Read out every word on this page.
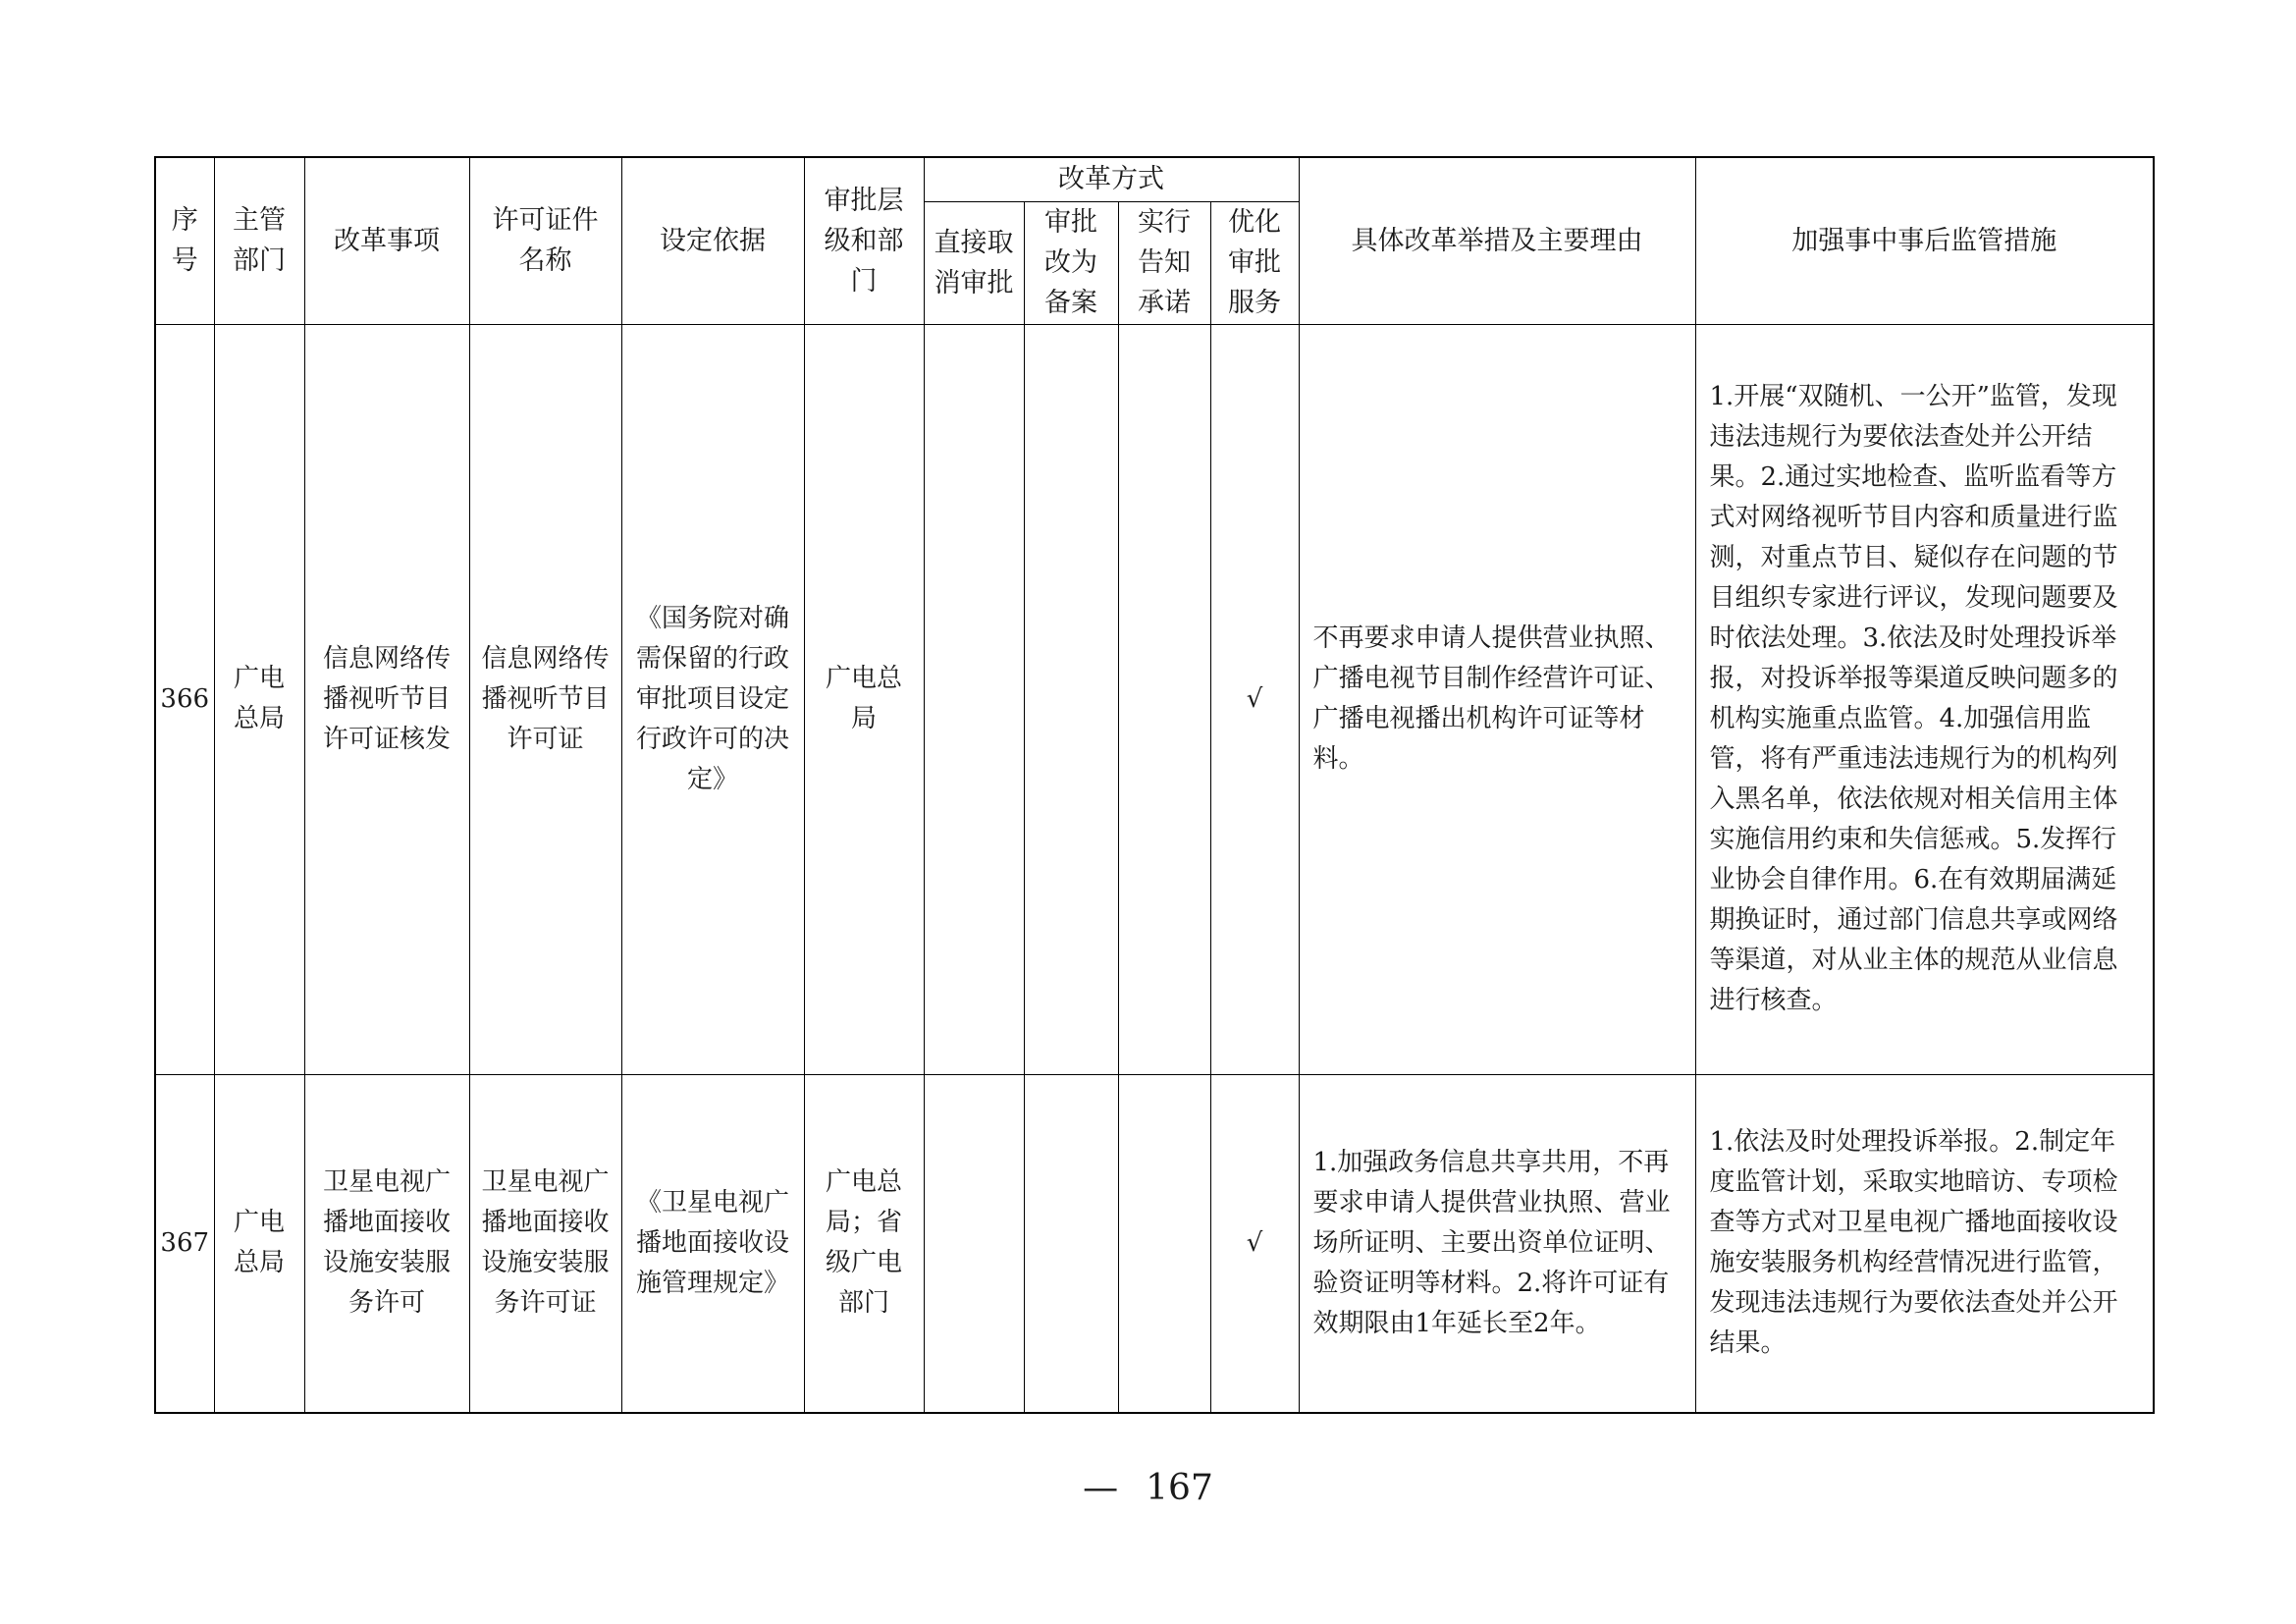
序号	主管部门	改革事项	许可证件名称	设定依据	审批层级和部门	改革方式				具体改革举措及主要理由	加强事中事后监管措施
						直接取消审批	审批改为备案	实行告知承诺	优化审批服务		
366	广电总局	信息网络传播视听节目许可证核发	信息网络传播视听节目许可证	《国务院对确需保留的行政审批项目设定行政许可的决定》	广电总局				√	不再要求申请人提供营业执照、广播电视节目制作经营许可证、广播电视播出机构许可证等材料。	1.开展“双随机、一公开”监管，发现违法违规行为要依法查处并公开结果。2.通过实地检查、监听监看等方式对网络视听节目内容和质量进行监测，对重点节目、疑似存在问题的节目组织专家进行评议，发现问题要及时依法处理。3.依法及时处理投诉举报，对投诉举报等渠道反映问题多的机构实施重点监管。4.加强信用监管，将有严重违法违规行为的机构列入黑名单，依法依规对相关信用主体实施信用约束和失信惩戒。5.发挥行业协会自律作用。6.在有效期届满延期换证时，通过部门信息共享或网络等渠道，对从业主体的规范从业信息进行核查。
367	广电总局	卫星电视广播地面接收设施安装服务许可	卫星电视广播地面接收设施安装服务许可证	《卫星电视广播地面接收设施管理规定》	广电总局；省级广电部门				√	1.加强政务信息共享共用，不再要求申请人提供营业执照、营业场所证明、主要出资单位证明、验资证明等材料。2.将许可证有效期限由1年延长至2年。	1.依法及时处理投诉举报。2.制定年度监管计划，采取实地暗访、专项检查等方式对卫星电视广播地面接收设施安装服务机构经营情况进行监管，发现违法违规行为要依法查处并公开结果。
— 167
